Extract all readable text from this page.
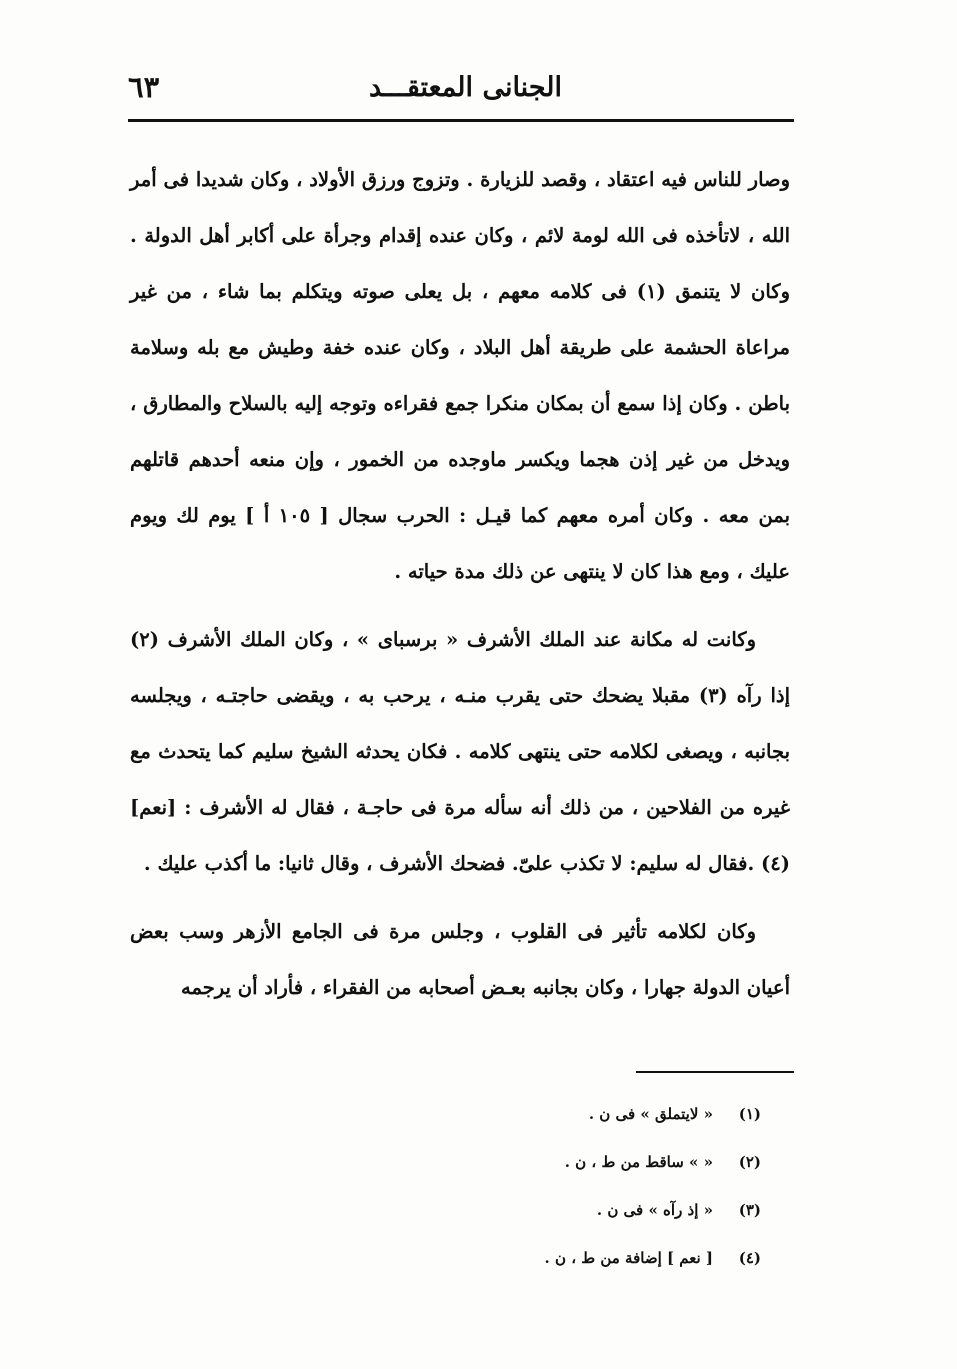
الجنانى المعتقـــد
٦٣

وصار للناس فيه اعتقاد ، وقصد للزيارة . وتزوج ورزق الأولاد ، وكان شديدا فى أمر الله ، لاتأخذه فى الله لومة لائم ، وكان عنده إقدام وجرأة على أكابر أهل الدولة . وكان لا يتنمق (١) فى كلامه معهم ، بل يعلى صوته ويتكلم بما شاء ، من غير مراعاة الحشمة على طريقة أهل البلاد ، وكان عنده خفة وطيش مع بله وسلامة باطن . وكان إذا سمع أن بمكان منكرا جمع فقراءه وتوجه إليه بالسلاح والمطارق ، ويدخل من غير إذن هجما ويكسر ماوجده من الخمور ، وإن منعه أحدهم قاتلهم بمن معه . وكان أمره معهم كما قيـل : الحرب سجال [ ١٠٥ أ ] يوم لك ويوم عليك ، ومع هذا كان لا ينتهى عن ذلك مدة حياته .

وكانت له مكانة عند الملك الأشرف « برسباى » ، وكان الملك الأشرف (٢) إذا رآه (٣) مقبلا يضحك حتى يقرب منـه ، يرحب به ، ويقضى حاجتـه ، ويجلسه بجانبه ، ويصغى لكلامه حتى ينتهى كلامه . فكان يحدثه الشيخ سليم كما يتحدث مع غيره من الفلاحين ، من ذلك أنه سأله مرة فى حاجـة ، فقال له الأشرف : [نعم] (٤) .فقال له سليم: لا تكذب علىّ. فضحك الأشرف ، وقال ثانيا: ما أكذب عليك .

وكان لكلامه تأثير فى القلوب ، وجلس مرة فى الجامع الأزهر وسب بعض أعيان الدولة جهارا ، وكان بجانبه بعـض أصحابه من الفقراء ، فأراد أن يرجمه

(١)« لايتملق » فى ن .
(٢)« » ساقط من ط ، ن .
(٣)« إذ رآه » فى ن .
(٤)[ نعم ] إضافة من ط ، ن .
